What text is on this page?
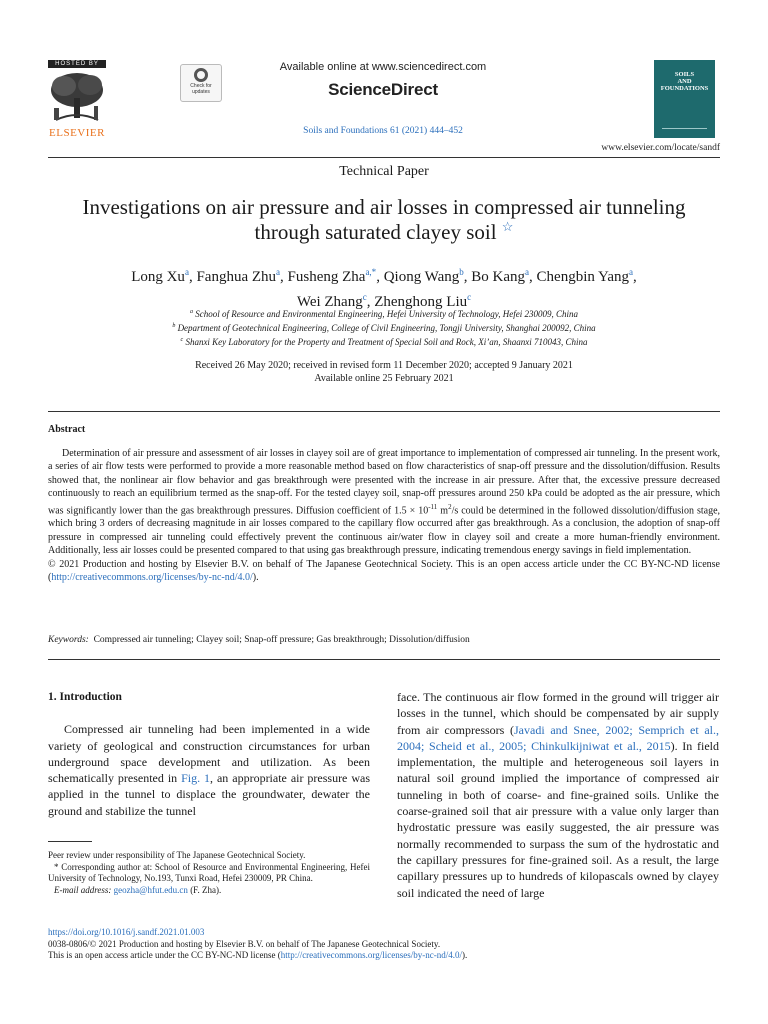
HOSTED BY
ELSEVIER
Check for updates
Available online at www.sciencedirect.com
ScienceDirect
Soils and Foundations 61 (2021) 444–452
SOILS
AND
FOUNDATIONS
www.elsevier.com/locate/sandf
Technical Paper
Investigations on air pressure and air losses in compressed air tunneling through saturated clayey soil ☆
Long Xu$^a$, Fanghua Zhu$^a$, Fusheng Zha$^{a,*}$, Qiong Wang$^b$, Bo Kang$^a$, Chengbin Yang$^a$,
Wei Zhang$^c$, Zhenghong Liu$^c$
$^a$ School of Resource and Environmental Engineering, Hefei University of Technology, Hefei 230009, China
$^b$ Department of Geotechnical Engineering, College of Civil Engineering, Tongji University, Shanghai 200092, China
$^c$ Shanxi Key Laboratory for the Property and Treatment of Special Soil and Rock, Xi’an, Shaanxi 710043, China
Received 26 May 2020; received in revised form 11 December 2020; accepted 9 January 2021
Available online 25 February 2021
Abstract

Determination of air pressure and assessment of air losses in clayey soil are of great importance to implementation of compressed air tunneling. In the present work, a series of air flow tests were performed to provide a more reasonable method based on flow characteristics of snap-off pressure and the dissolution/diffusion. Results showed that, the nonlinear air flow behavior and gas breakthrough were presented with the increase in air pressure. After that, the excessive pressure decreased continuously to reach an equilibrium termed as the snap-off. For the tested clayey soil, snap-off pressures around 250 kPa could be adopted as the air pressure, which was significantly lower than the gas breakthrough pressures. Diffusion coefficient of $1.5 \times 10^{-11}$ $m^2/s$ could be determined in the followed dissolution/diffusion stage, which bring 3 orders of decreasing magnitude in air losses compared to the capillary flow occurred after gas breakthrough. As a conclusion, the adoption of snap-off pressure in compressed air tunneling could effectively prevent the continuous air/water flow in clayey soil and create a more human-friendly environment. Additionally, less air losses could be presented compared to that using gas breakthrough pressure, indicating tremendous energy savings in field implementation.

© 2021 Production and hosting by Elsevier B.V. on behalf of The Japanese Geotechnical Society. This is an open access article under the CC BY-NC-ND license (http://creativecommons.org/licenses/by-nc-nd/4.0/).

Keywords: Compressed air tunneling; Clayey soil; Snap-off pressure; Gas breakthrough; Dissolution/diffusion
1. Introduction

Compressed air tunneling had been implemented in a wide variety of geological and construction circumstances for urban underground space development and utilization. As been schematically presented in Fig. 1, an appropriate air pressure was applied in the tunnel to displace the groundwater, dewater the ground and stabilize the tunnel

Peer review under responsibility of The Japanese Geotechnical Society.

* Corresponding author at: School of Resource and Environmental Engineering, Hefei University of Technology, No.193, Tunxi Road, Hefei 230009, PR China.

E-mail address: geozha@hfut.edu.cn (F. Zha).

face. The continuous air flow formed in the ground will trigger air losses in the tunnel, which should be compensated by air supply from air compressors (Javadi and Snee, 2002; Semprich et al., 2004; Scheid et al., 2005; Chinkulkijniwat et al., 2015). In field implementation, the multiple and heterogeneous soil layers in natural soil ground implied the importance of compressed air tunneling in both of coarse- and fine-grained soils. Unlike the coarse-grained soil that air pressure with a value only larger than hydrostatic pressure was easily suggested, the air pressure was normally recommended to surpass the sum of the hydrostatic and the capillary pressures for fine-grained soil. As a result, the large capillary pressures up to hundreds of kilopascals owned by clayey soil indicated the need of large

https://doi.org/10.1016/j.sandf.2021.01.003

0038-0806/© 2021 Production and hosting by Elsevier B.V. on behalf of The Japanese Geotechnical Society.

This is an open access article under the CC BY-NC-ND license (http://creativecommons.org/licenses/by-nc-nd/4.0/).
